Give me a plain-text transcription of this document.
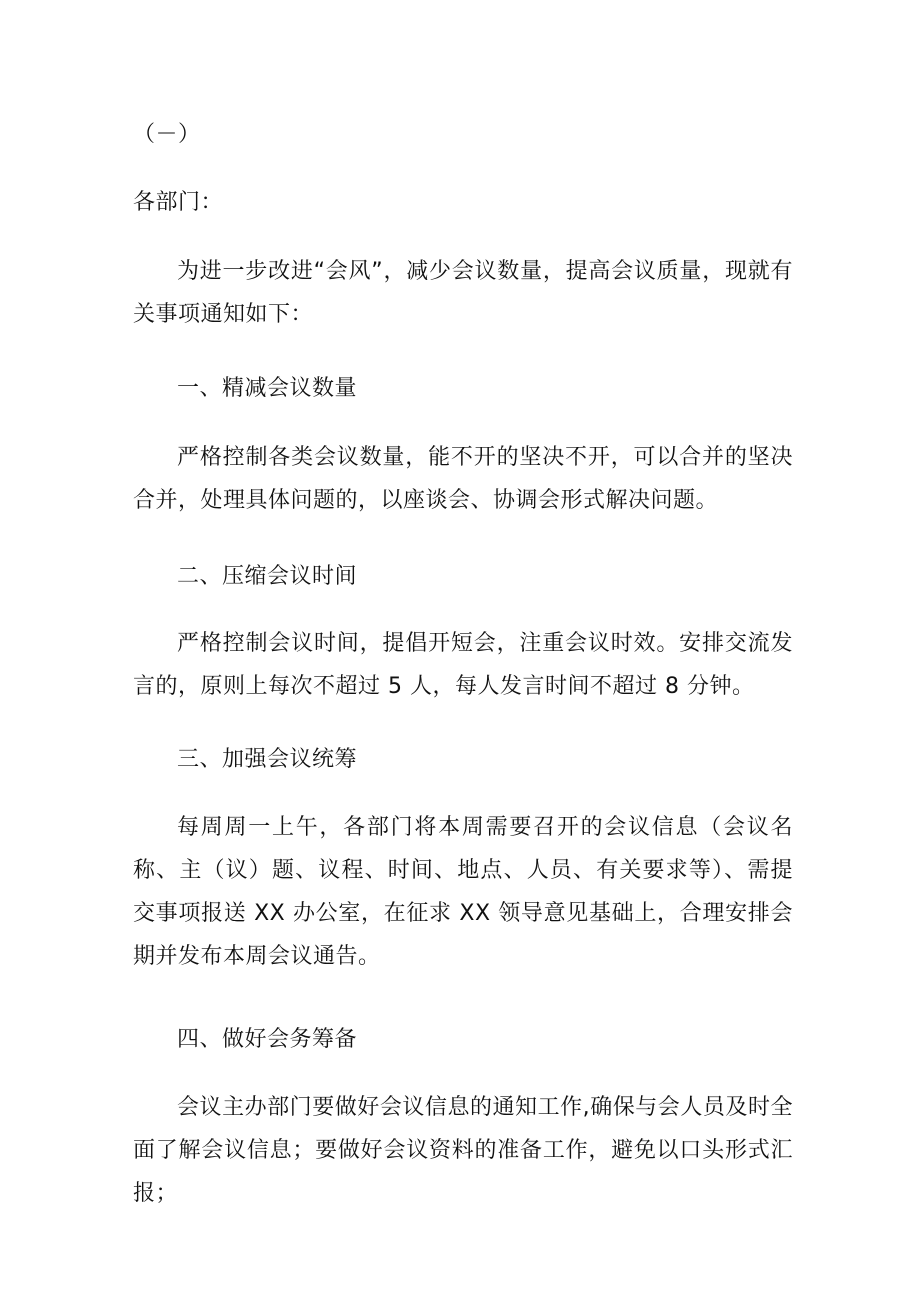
（－）
各部门：

为进一步改进“会风”，减少会议数量，提高会议质量，现就有关事项通知如下：

一、精减会议数量

严格控制各类会议数量，能不开的坚决不开，可以合并的坚决合并，处理具体问题的，以座谈会、协调会形式解决问题。

二、压缩会议时间

严格控制会议时间，提倡开短会，注重会议时效。安排交流发言的，原则上每次不超过 5 人，每人发言时间不超过 8 分钟。

三、加强会议统筹

每周周一上午，各部门将本周需要召开的会议信息（会议名称、主（议）题、议程、时间、地点、人员、有关要求等）、需提交事项报送 XX 办公室，在征求 XX 领导意见基础上，合理安排会期并发布本周会议通告。

四、做好会务筹备

会议主办部门要做好会议信息的通知工作,确保与会人员及时全面了解会议信息；要做好会议资料的准备工作，避免以口头形式汇报；
